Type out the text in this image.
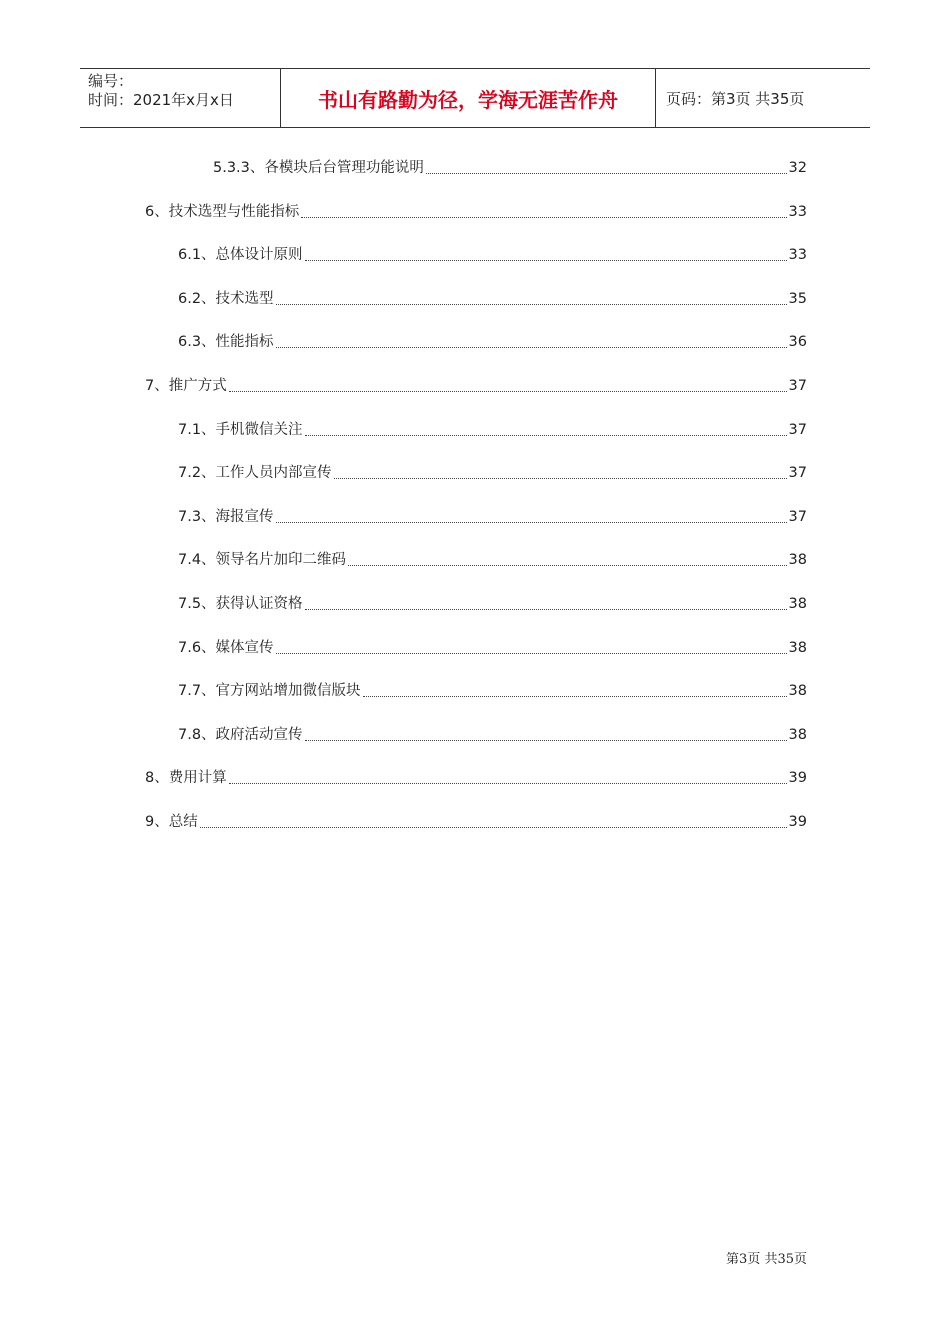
编号：
时间：2021年x月x日	书山有路勤为径，学海无涯苦作舟	页码：第3页 共35页
5.3.3、各模块后台管理功能说明	32
6、技术选型与性能指标	33
6.1、总体设计原则	33
6.2、技术选型	35
6.3、性能指标	36
7、推广方式	37
7.1、手机微信关注	37
7.2、工作人员内部宣传	37
7.3、海报宣传	37
7.4、领导名片加印二维码	38
7.5、获得认证资格	38
7.6、媒体宣传	38
7.7、官方网站增加微信版块	38
7.8、政府活动宣传	38
8、费用计算	39
9、总结	39
第3页 共35页
